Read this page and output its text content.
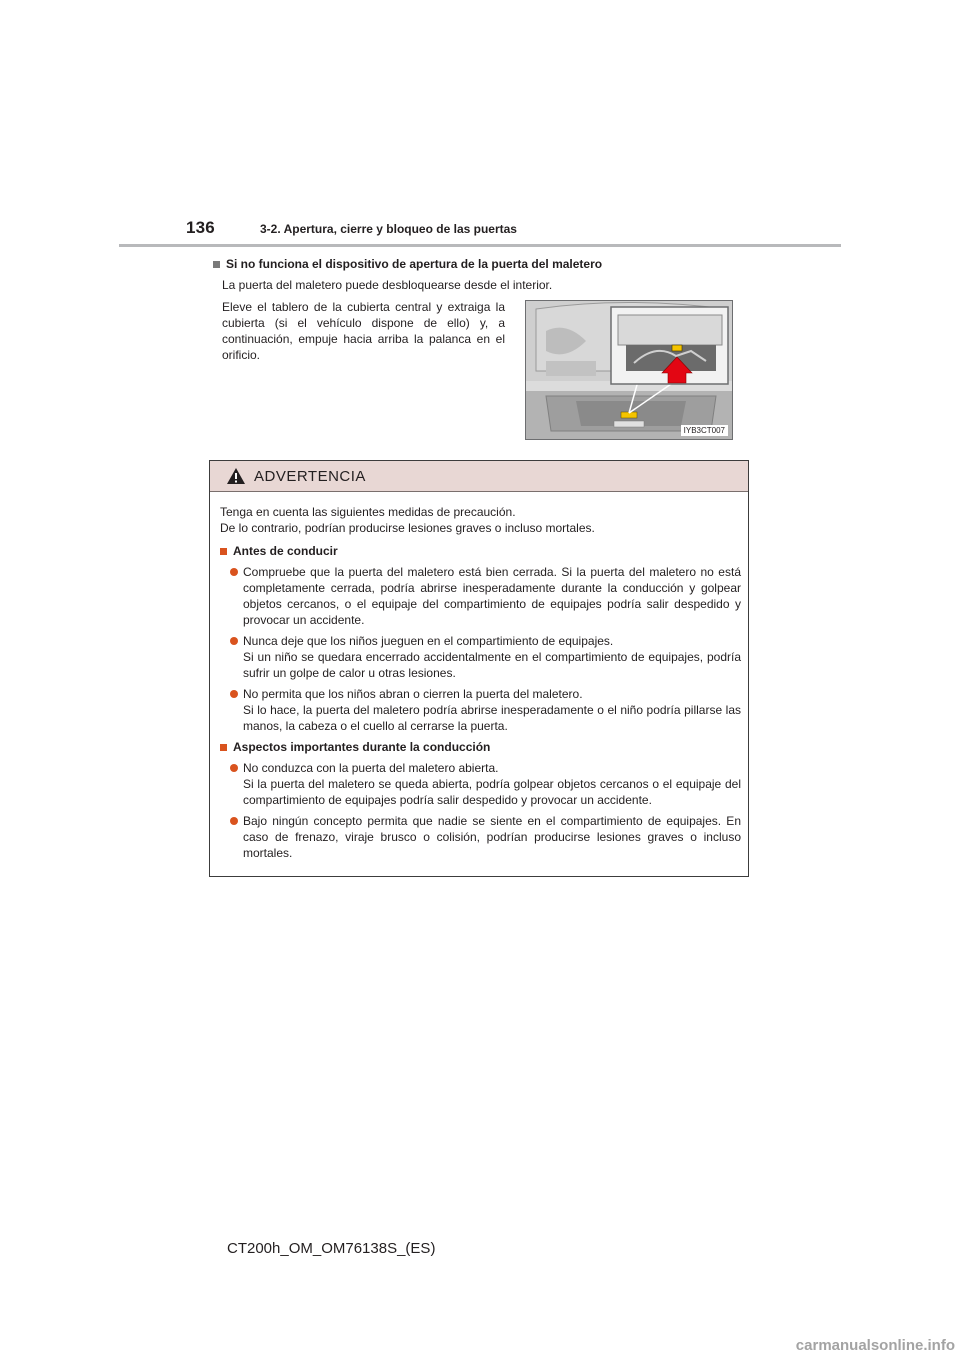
136	3-2. Apertura, cierre y bloqueo de las puertas
Si no funciona el dispositivo de apertura de la puerta del maletero
La puerta del maletero puede desbloquearse desde el interior.
Eleve el tablero de la cubierta central y extraiga la cubierta (si el vehículo dispone de ello) y, a continuación, empuje hacia arriba la palanca en el orificio.
IYB3CT007
ADVERTENCIA
Tenga en cuenta las siguientes medidas de precaución.
De lo contrario, podrían producirse lesiones graves o incluso mortales.
Antes de conducir
Compruebe que la puerta del maletero está bien cerrada. Si la puerta del maletero no está completamente cerrada, podría abrirse inesperadamente durante la conducción y golpear objetos cercanos, o el equipaje del compartimiento de equipajes podría salir despedido y provocar un accidente.
Nunca deje que los niños jueguen en el compartimiento de equipajes.
Si un niño se quedara encerrado accidentalmente en el compartimiento de equipajes, podría sufrir un golpe de calor u otras lesiones.
No permita que los niños abran o cierren la puerta del maletero.
Si lo hace, la puerta del maletero podría abrirse inesperadamente o el niño podría pillarse las manos, la cabeza o el cuello al cerrarse la puerta.
Aspectos importantes durante la conducción
No conduzca con la puerta del maletero abierta.
Si la puerta del maletero se queda abierta, podría golpear objetos cercanos o el equipaje del compartimiento de equipajes podría salir despedido y provocar un accidente.
Bajo ningún concepto permita que nadie se siente en el compartimiento de equipajes. En caso de frenazo, viraje brusco o colisión, podrían producirse lesiones graves o incluso mortales.
CT200h_OM_OM76138S_(ES)
carmanualsonline.info
